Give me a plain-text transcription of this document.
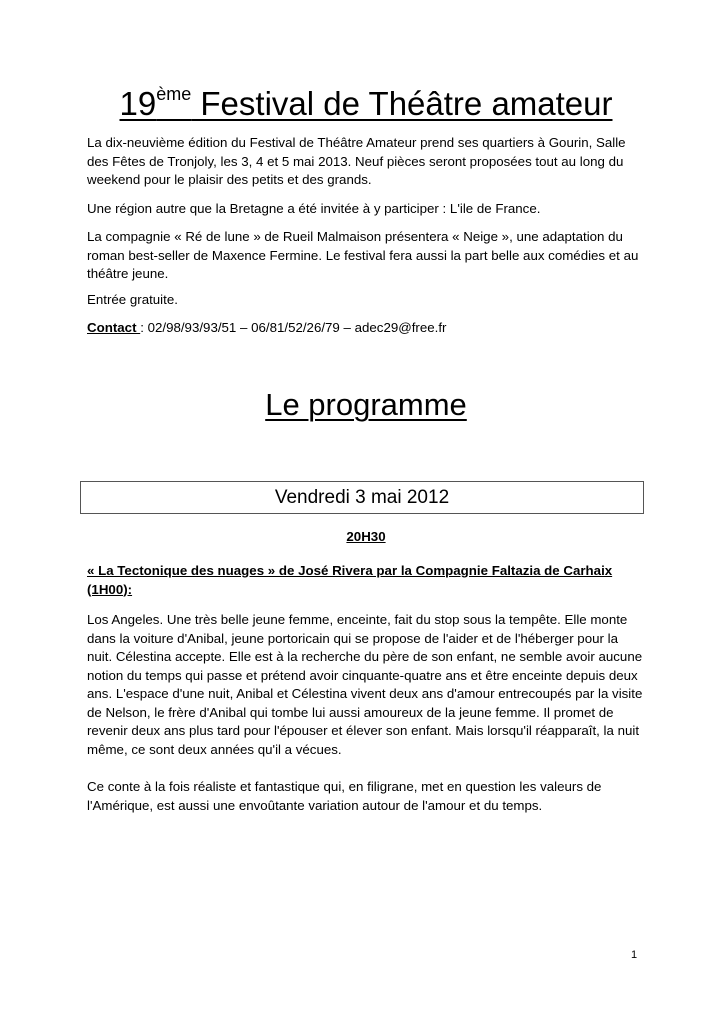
19ème Festival de Théâtre amateur

La dix-neuvième édition du Festival de Théâtre Amateur prend ses quartiers à Gourin, Salle des Fêtes de Tronjoly, les 3, 4 et 5 mai 2013. Neuf pièces seront proposées tout au long du weekend pour le plaisir des petits et des grands.

Une région autre que la Bretagne a été invitée à y participer : L'ile de France.

La compagnie « Ré de lune » de Rueil Malmaison présentera « Neige », une adaptation du roman best-seller de Maxence Fermine. Le festival fera aussi la part belle aux comédies et au théâtre jeune.

Entrée gratuite.

Contact : 02/98/93/93/51 – 06/81/52/26/79 – adec29@free.fr

Le programme
Vendredi 3 mai 2012
20H30

« La Tectonique des nuages » de José Rivera par la Compagnie Faltazia de Carhaix (1H00):

Los Angeles. Une très belle jeune femme, enceinte, fait du stop sous la tempête. Elle monte dans la voiture d'Anibal, jeune portoricain qui se propose de l'aider et de l'héberger pour la nuit. Célestina accepte. Elle est à la recherche du père de son enfant, ne semble avoir aucune notion du temps qui passe et prétend avoir cinquante-quatre ans et être enceinte depuis deux ans. L'espace d'une nuit, Anibal et Célestina vivent deux ans d'amour entrecoupés par la visite de Nelson, le frère d'Anibal qui tombe lui aussi amoureux de la jeune femme. Il promet de revenir deux ans plus tard pour l'épouser et élever son enfant. Mais lorsqu'il réapparaît, la nuit même, ce sont deux années qu'il a vécues.

Ce conte à la fois réaliste et fantastique qui, en filigrane, met en question les valeurs de l'Amérique, est aussi une envoûtante variation autour de l'amour et du temps.

1
